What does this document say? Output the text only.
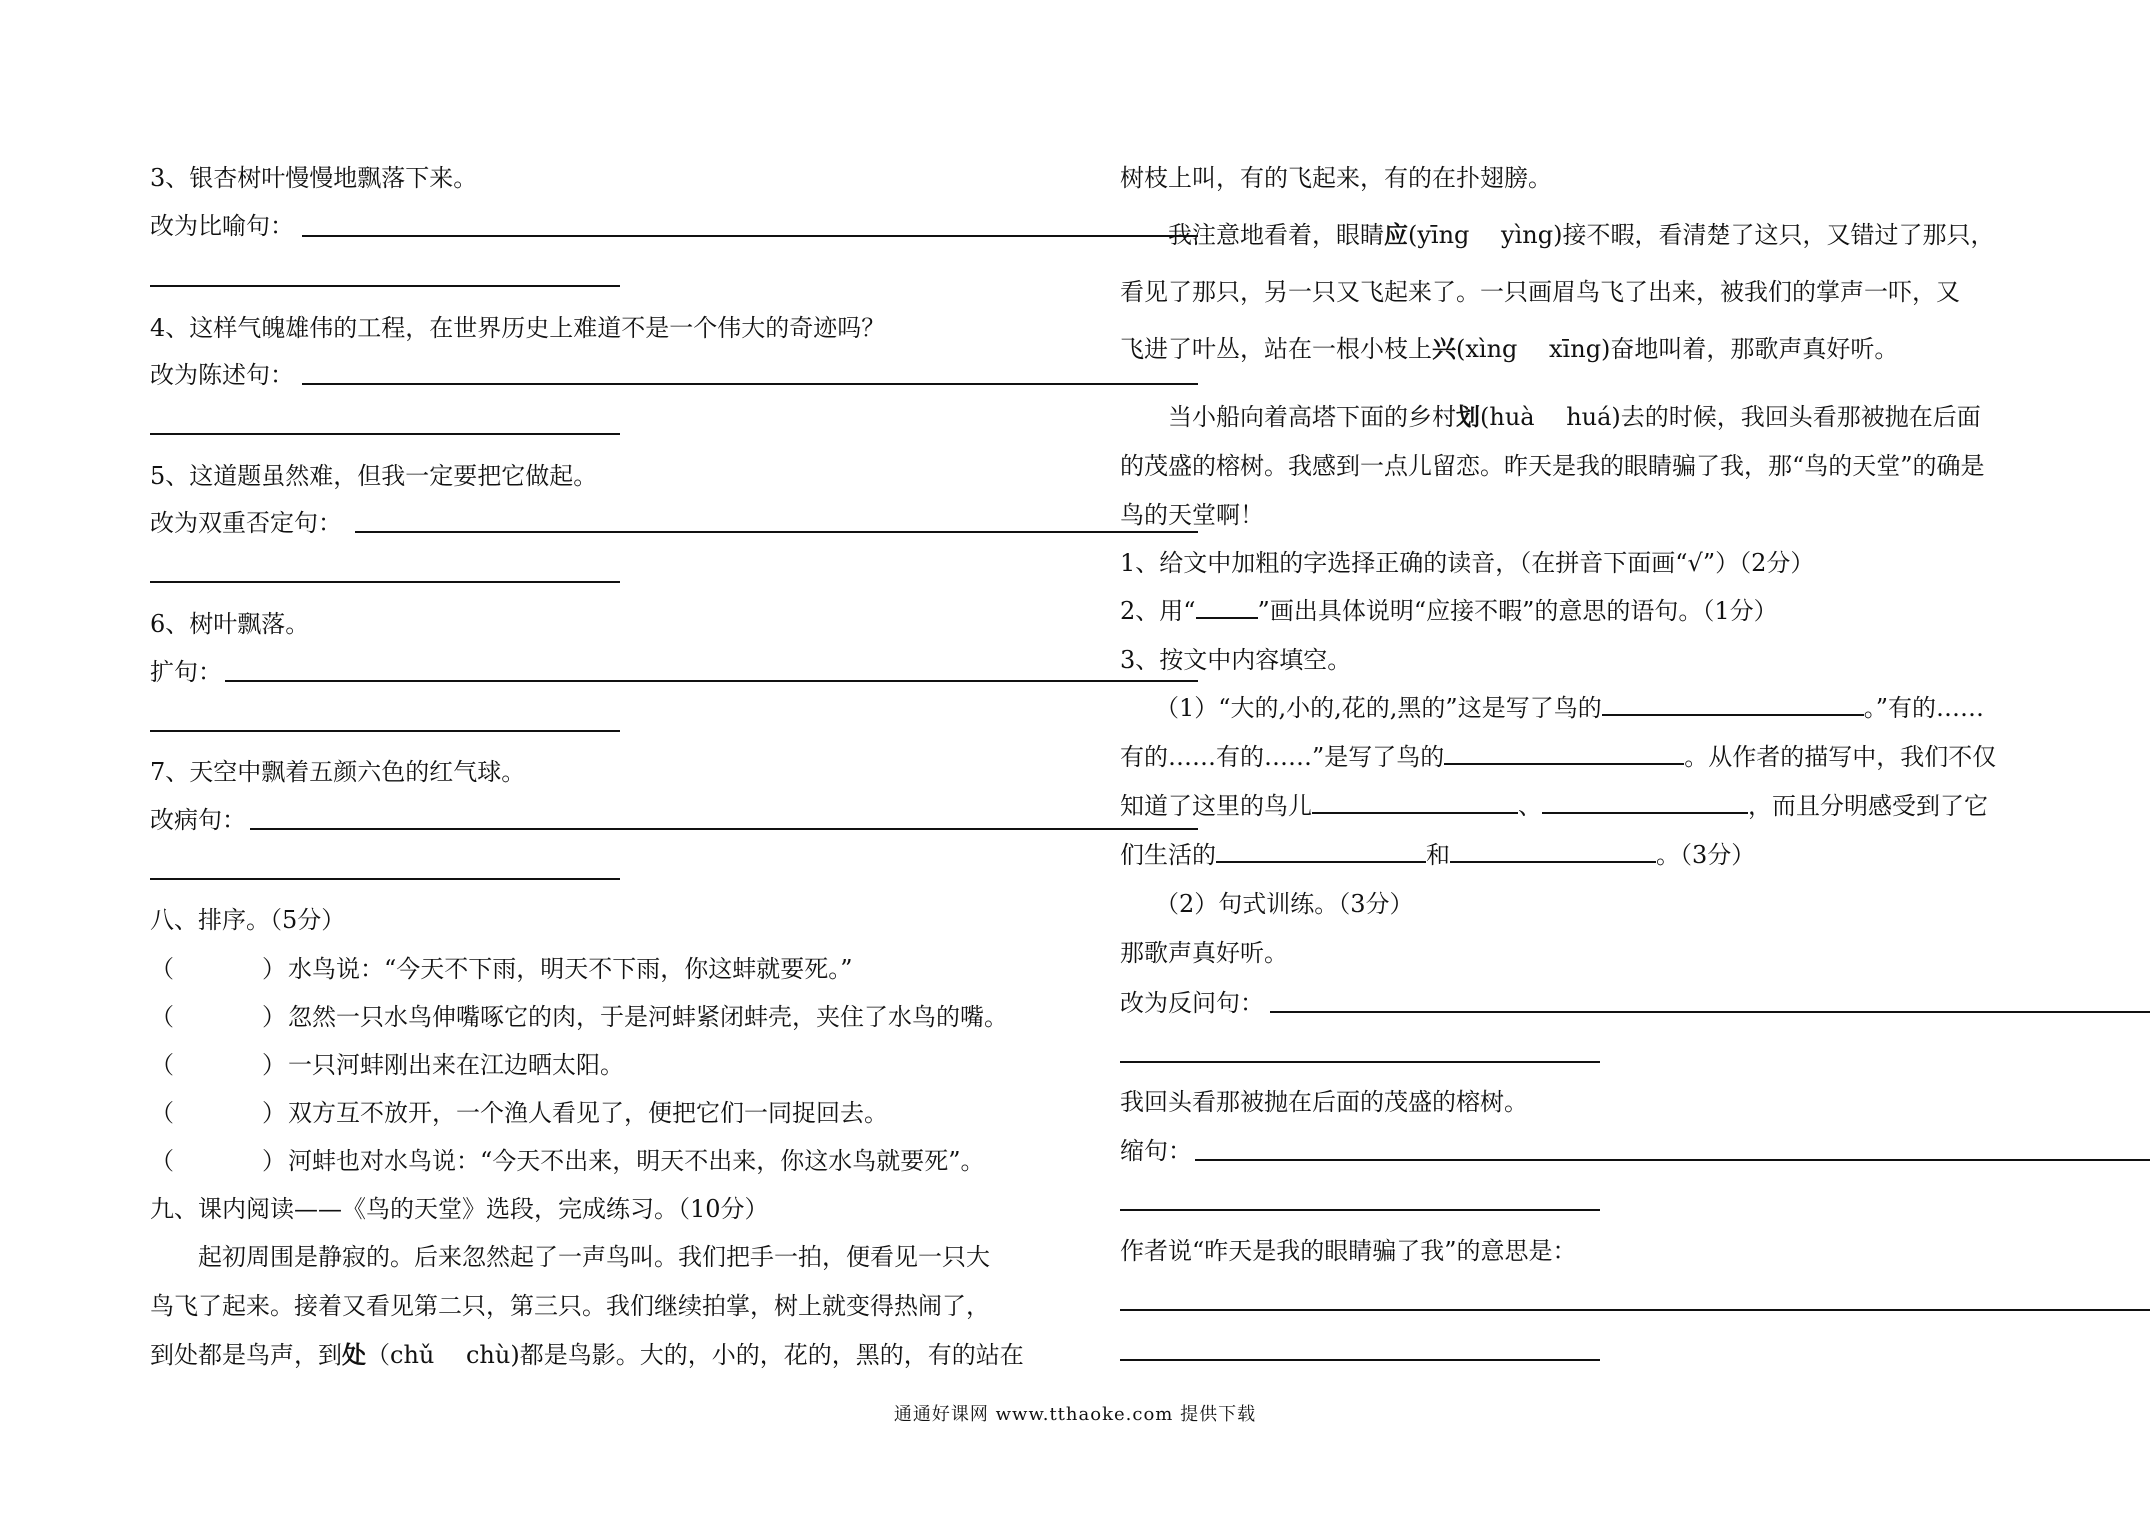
3、银杏树叶慢慢地飘落下来。
改为比喻句：
4、这样气魄雄伟的工程，在世界历史上难道不是一个伟大的奇迹吗？
改为陈述句：
5、这道题虽然难，但我一定要把它做起。
改为双重否定句：
6、树叶飘落。
扩句：
7、天空中飘着五颜六色的红气球。
改病句：
八、排序。（5分）
（	） 水鸟说：“今天不下雨，明天不下雨，你这蚌就要死。”
（	） 忽然一只水鸟伸嘴啄它的肉，于是河蚌紧闭蚌壳，夹住了水鸟的嘴。
（	） 一只河蚌刚出来在江边晒太阳。
（	） 双方互不放开，一个渔人看见了，便把它们一同捉回去。
（	） 河蚌也对水鸟说：“今天不出来，明天不出来，你这水鸟就要死”。
九、课内阅读——《鸟的天堂》选段，完成练习。（10分）
起初周围是静寂的。后来忽然起了一声鸟叫。我们把手一拍，便看见一只大
鸟飞了起来。接着又看见第二只，第三只。我们继续拍掌，树上就变得热闹了，
到处都是鸟声，到处（chǔ　 chù)都是鸟影。大的，小的，花的，黑的，有的站在
树枝上叫，有的飞起来，有的在扑翅膀。
我注意地看着，眼睛应(yīng　 yìng)接不暇，看清楚了这只，又错过了那只，
看见了那只，另一只又飞起来了。一只画眉鸟飞了出来，被我们的掌声一吓，又
飞进了叶丛，站在一根小枝上兴(xìng　 xīng)奋地叫着，那歌声真好听。
当小船向着高塔下面的乡村划(huà　 huá)去的时候，我回头看那被抛在后面
的茂盛的榕树。我感到一点儿留恋。昨天是我的眼睛骗了我，那“鸟的天堂”的确是
鸟的天堂啊！
1、给文中加粗的字选择正确的读音，（在拼音下面画“√”）（2分）
2、用“	”画出具体说明“应接不暇”的意思的语句。（1分）
3、按文中内容填空。
（1）“大的,小的,花的,黑的”这是写了鸟的	。”有的……
有的……有的……”是写了鸟的	。从作者的描写中，我们不仅
知道了这里的鸟儿	、	，而且分明感受到了它
们生活的	和	。（3分）
（2）句式训练。（3分）
那歌声真好听。
改为反问句：
我回头看那被抛在后面的茂盛的榕树。
缩句：
作者说“昨天是我的眼睛骗了我”的意思是：
通通好课网 www.tthaoke.com 提供下载
